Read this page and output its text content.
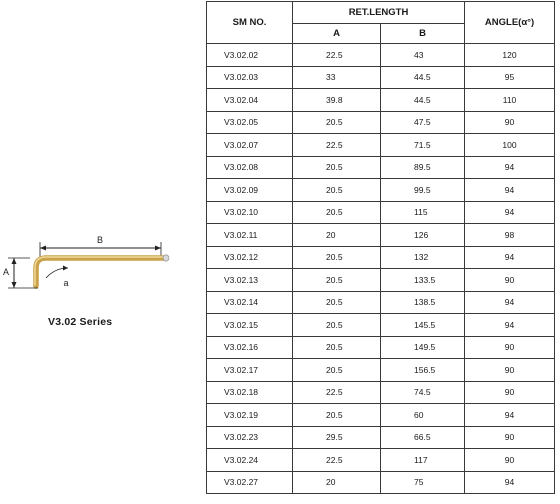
B
A
a
V3.02 Series
SM NO.	RET.LENGTH		ANGLE(α°)
	A	B	
V3.02.02	22.5	43	120
V3.02.03	33	44.5	95
V3.02.04	39.8	44.5	110
V3.02.05	20.5	47.5	90
V3.02.07	22.5	71.5	100
V3.02.08	20.5	89.5	94
V3.02.09	20.5	99.5	94
V3.02.10	20.5	115	94
V3.02.11	20	126	98
V3.02.12	20.5	132	94
V3.02.13	20.5	133.5	90
V3.02.14	20.5	138.5	94
V3.02.15	20.5	145.5	94
V3.02.16	20.5	149.5	90
V3.02.17	20.5	156.5	90
V3.02.18	22.5	74.5	90
V3.02.19	20.5	60	94
V3.02.23	29.5	66.5	90
V3.02.24	22.5	117	90
V3.02.27	20	75	94
